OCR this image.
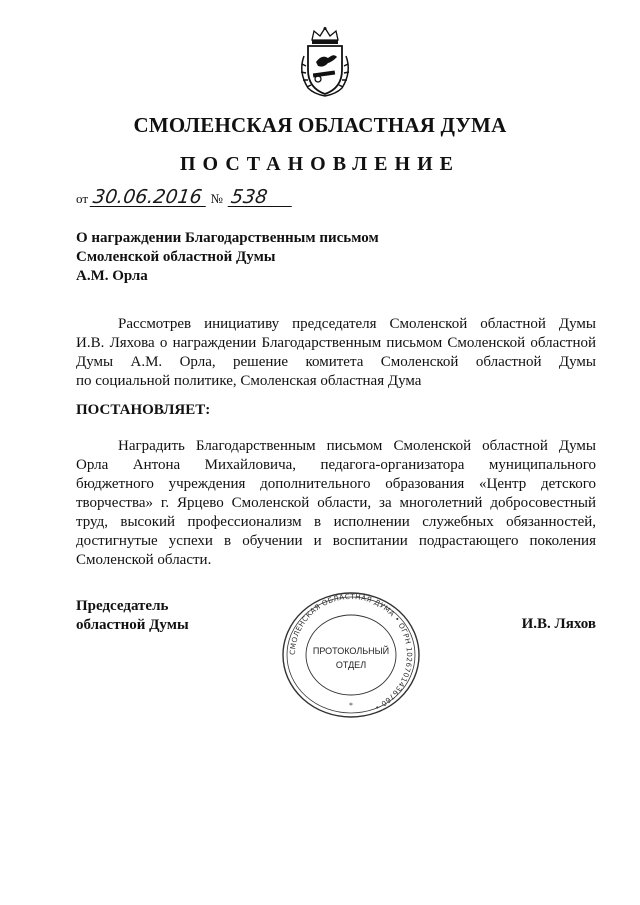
СМОЛЕНСКАЯ ОБЛАСТНАЯ ДУМА
ПОСТАНОВЛЕНИЕ
от 30.06.2016 № 538
О награждении Благодарственным письмом
Смоленской областной Думы
А.М. Орла
Рассмотрев инициативу председателя Смоленской областной Думы
И.В. Ляхова о награждении Благодарственным письмом Смоленской областной
Думы А.М. Орла, решение комитета Смоленской областной Думы
по социальной политике, Смоленская областная Дума
ПОСТАНОВЛЯЕТ:
Наградить Благодарственным письмом Смоленской областной Думы
Орла Антона Михайловича, педагога-организатора муниципального
бюджетного учреждения дополнительного образования «Центр детского
творчества» г. Ярцево Смоленской области, за многолетний добросовестный
труд, высокий профессионализм в исполнении служебных обязанностей,
достигнутые успехи в обучении и воспитании подрастающего поколения
Смоленской области.
Председатель
областной Думы
СМОЛЕНСКАЯ ОБЛАСТНАЯ ДУМА • ОГРН 1026701436760 •
ПРОТОКОЛЬНЫЙ
ОТДЕЛ
*
И.В. Ляхов
